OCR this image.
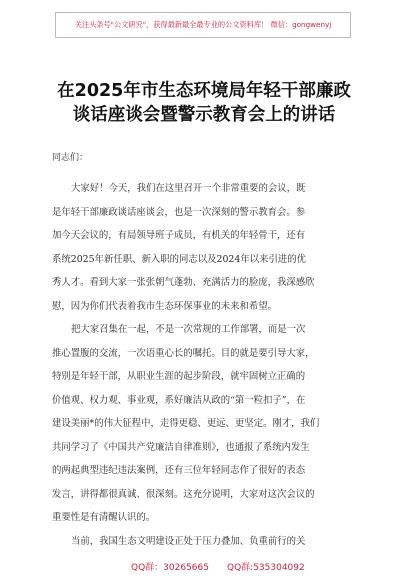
关注头条号"公文研究"，获得最新最全最专业的公文资料库！ 微信：gongwenyj
在2025年市生态环境局年轻干部廉政
谈话座谈会暨警示教育会上的讲话
同志们：
大家好！今天，我们在这里召开一个非常重要的会议，既
是年轻干部廉政谈话座谈会，也是一次深刻的警示教育会。参
加今天会议的，有局领导班子成员，有机关的年轻骨干，还有
系统2025年新任职、新入职的同志以及2024年以来引进的优
秀人才。看到大家一张张朝气蓬勃、充满活力的脸庞，我深感欣
慰，因为你们代表着我市生态环保事业的未来和希望。
把大家召集在一起，不是一次常规的工作部署，而是一次
推心置腹的交流，一次语重心长的嘱托。目的就是要引导大家，
特别是年轻干部，从职业生涯的起步阶段，就牢固树立正确的
价值观、权力观、事业观，系好廉洁从政的“第一粒扣子”，在
建设美丽*的伟大征程中，走得更稳、更远、更坚定。刚才，我们
共同学习了《中国共产党廉洁自律准则》，也通报了系统内发生
的两起典型违纪违法案例，还有三位年轻同志作了很好的表态
发言，讲得都很真诚、很深刻。这充分说明，大家对这次会议的
重要性是有清醒认识的。
当前，我国生态文明建设正处于压力叠加、负重前行的关
QQ群：30265665 QQ群:535304092
